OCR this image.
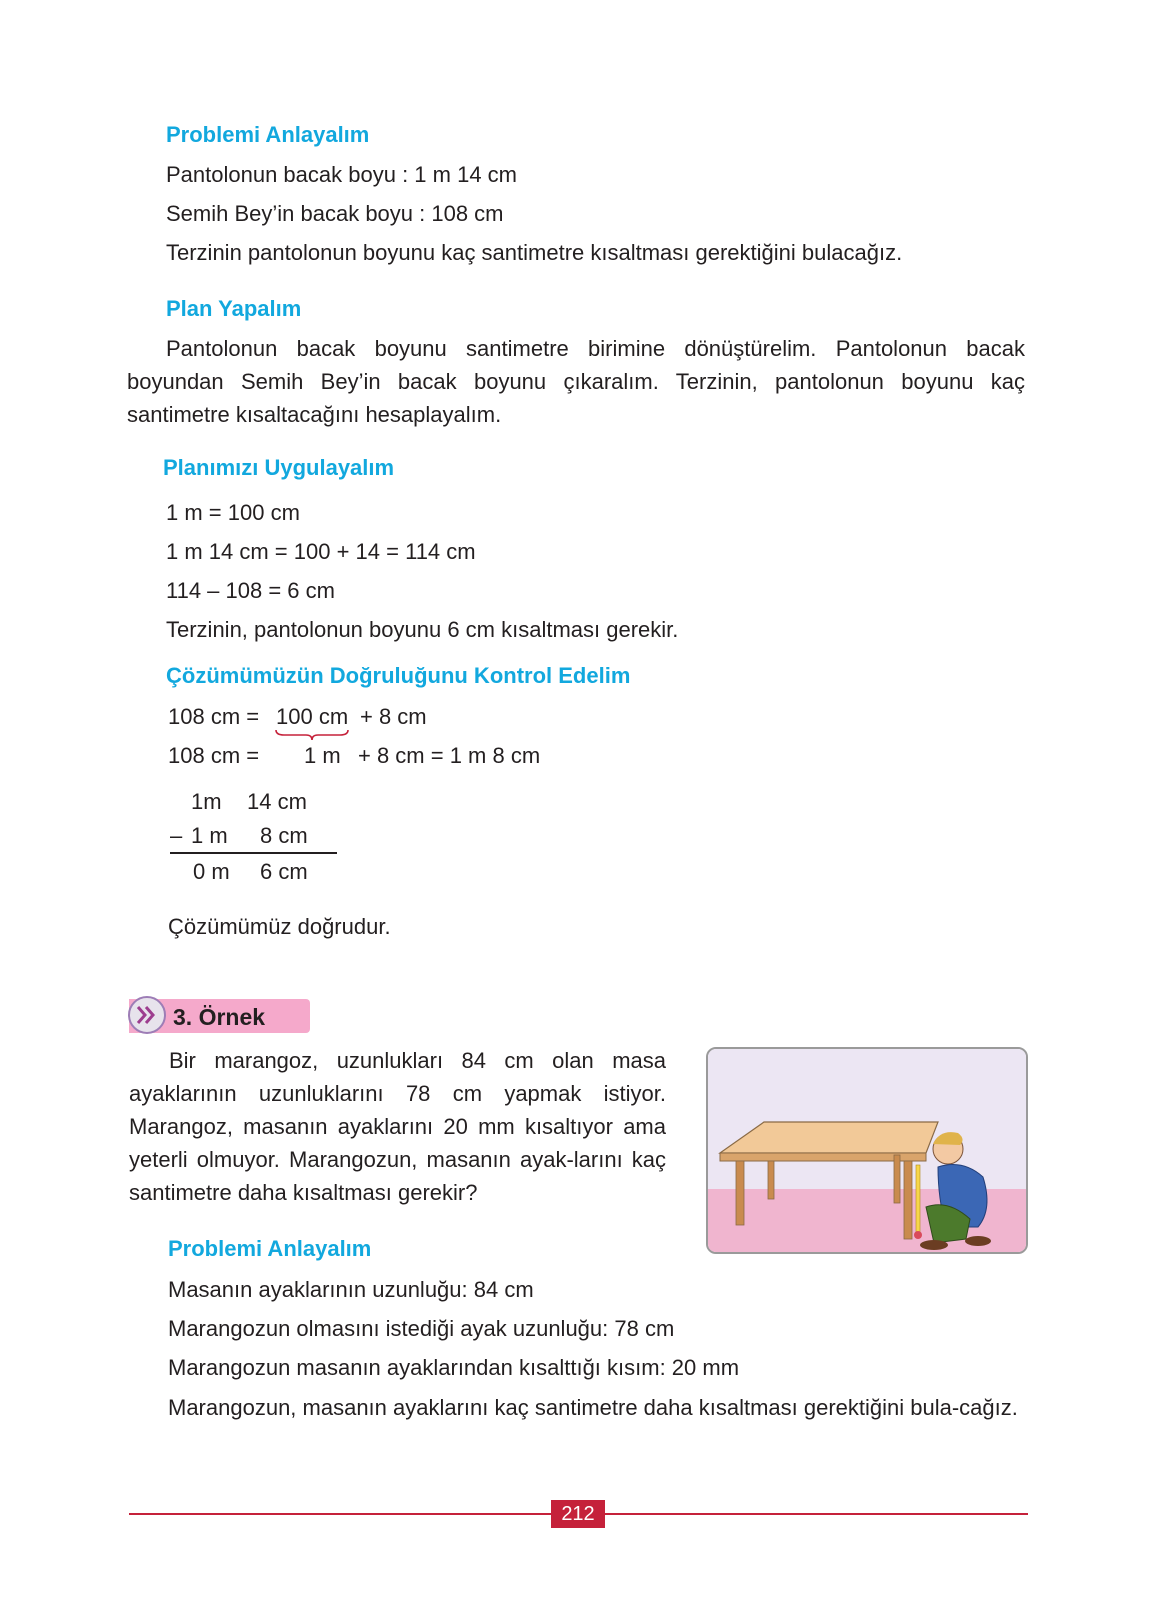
Problemi Anlayalım
Pantolonun bacak boyu : 1 m 14 cm
Semih Bey’in bacak boyu : 108 cm
Terzinin pantolonun boyunu kaç santimetre kısaltması gerektiğini bulacağız.
Plan Yapalım
Pantolonun bacak boyunu santimetre birimine dönüştürelim. Pantolonun bacak boyundan Semih Bey’in bacak boyunu çıkaralım. Terzinin, pantolonun boyunu kaç santimetre kısaltacağını hesaplayalım.
Planımızı Uygulayalım
1 m = 100 cm
1 m 14 cm = 100 + 14 = 114 cm
114 – 108 = 6 cm
Terzinin, pantolonun boyunu 6 cm kısaltması gerekir.
Çözümümüzün Doğruluğunu Kontrol Edelim
108 cm = 100 cm + 8 cm
108 cm = 1 m + 8 cm = 1 m 8 cm
1m 14 cm
– 1 m 8 cm
0 m 6 cm
Çözümümüz doğrudur.
3. Örnek
Bir marangoz, uzunlukları 84 cm olan masa ayaklarının uzunluklarını 78 cm yapmak istiyor. Marangoz, masanın ayaklarını 20 mm kısaltıyor ama yeterli olmuyor. Marangozun, masanın ayak-larını kaç santimetre daha kısaltması gerekir?
Problemi Anlayalım
Masanın ayaklarının uzunluğu: 84 cm
Marangozun olmasını istediği ayak uzunluğu: 78 cm
Marangozun masanın ayaklarından kısalttığı kısım: 20 mm
Marangozun, masanın ayaklarını kaç santimetre daha kısaltması gerektiğini bula-cağız.
212
